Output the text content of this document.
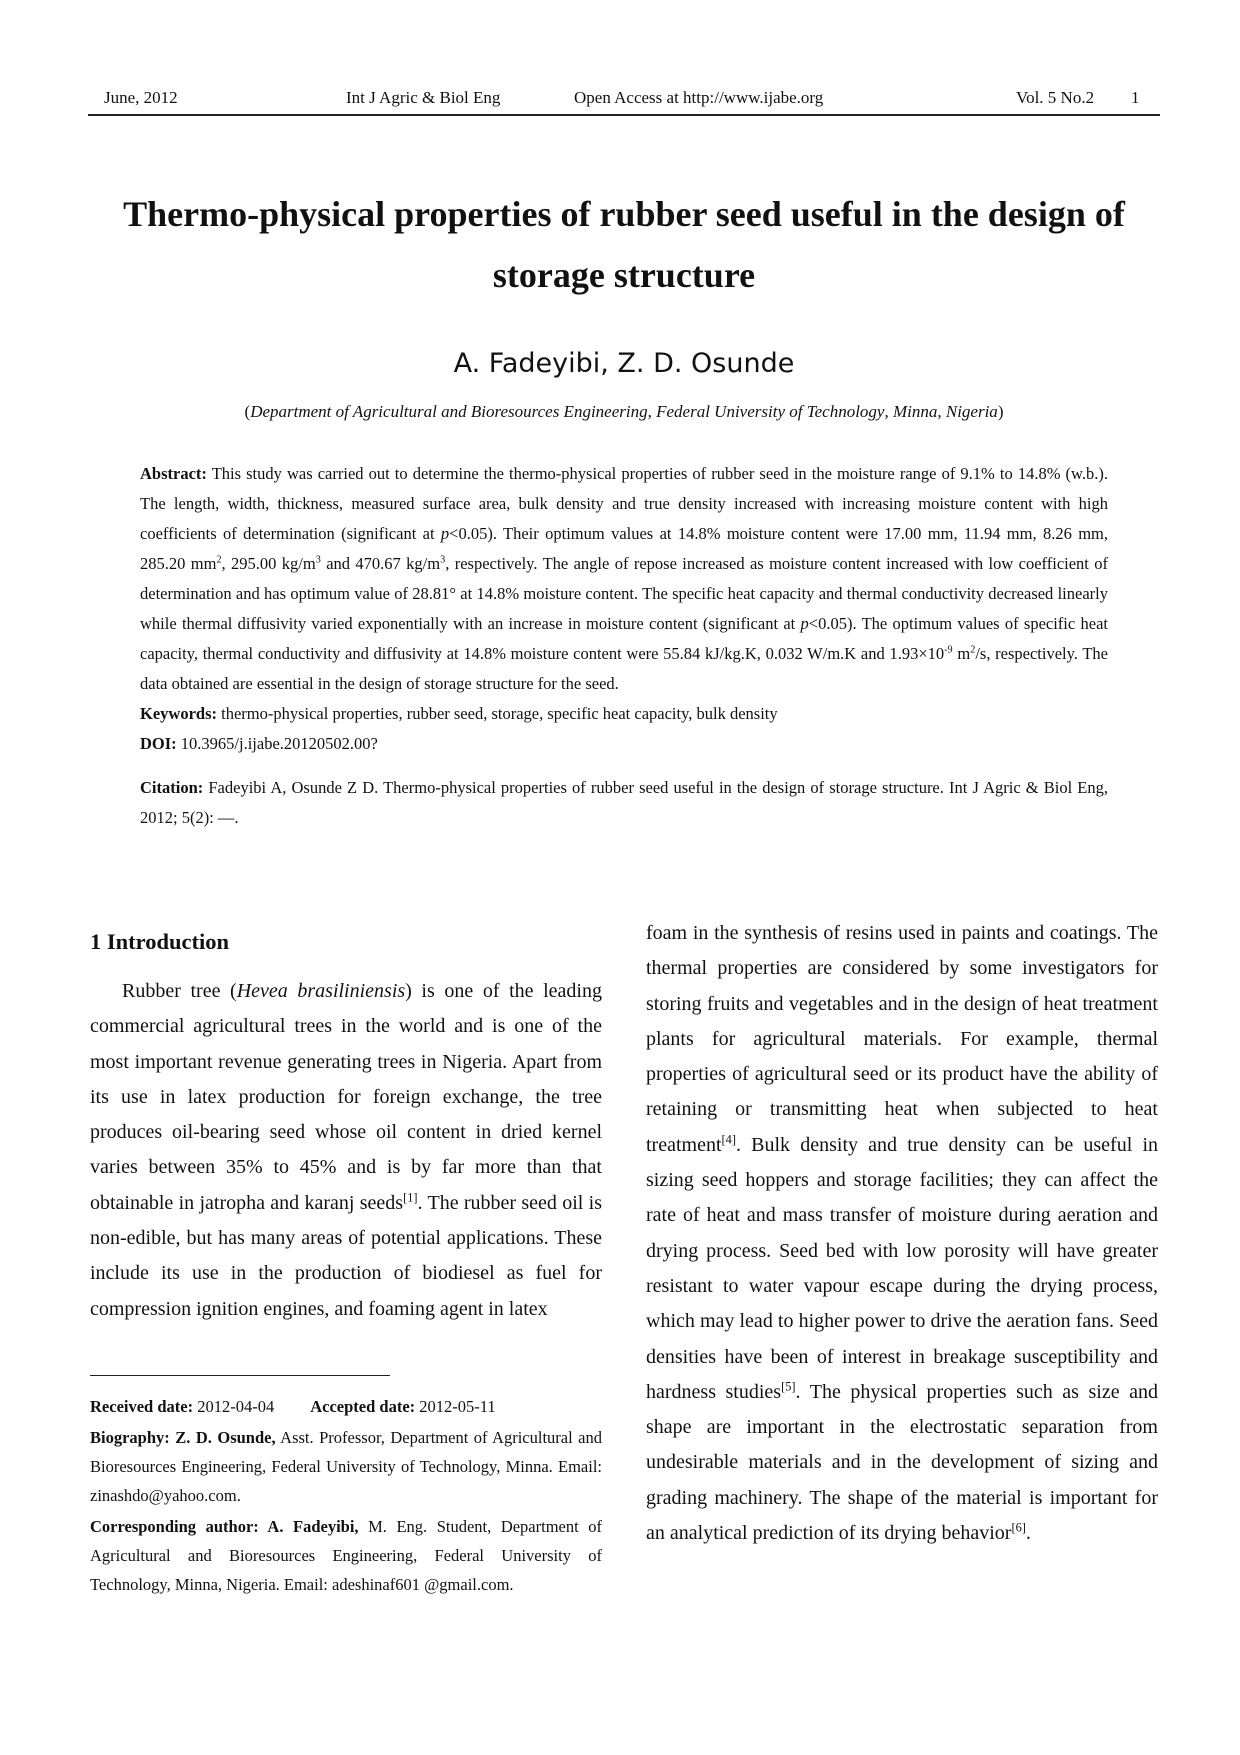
June, 2012	Int J Agric & Biol Eng	Open Access at http://www.ijabe.org	Vol. 5 No.2 1
Thermo-physical properties of rubber seed useful in the design of
storage structure

A. Fadeyibi, Z. D. Osunde

(Department of Agricultural and Bioresources Engineering, Federal University of Technology, Minna, Nigeria)

Abstract: This study was carried out to determine the thermo-physical properties of rubber seed in the moisture range of 9.1% to 14.8% (w.b.). The length, width, thickness, measured surface area, bulk density and true density increased with increasing moisture content with high coefficients of determination (significant at p<0.05). Their optimum values at 14.8% moisture content were 17.00 mm, 11.94 mm, 8.26 mm, 285.20 $mm^2$, 295.00 $kg/m^3$ and 470.67 $kg/m^3$, respectively. The angle of repose increased as moisture content increased with low coefficient of determination and has optimum value of 28.81° at 14.8% moisture content. The specific heat capacity and thermal conductivity decreased linearly while thermal diffusivity varied exponentially with an increase in moisture content (significant at p<0.05). The optimum values of specific heat capacity, thermal conductivity and diffusivity at 14.8% moisture content were 55.84 kJ/kg.K, 0.032 W/m.K and $1.93\times 10^{-9}$ $m^2/s$, respectively. The data obtained are essential in the design of storage structure for the seed.

Keywords: thermo-physical properties, rubber seed, storage, specific heat capacity, bulk density

DOI: 10.3965/j.ijabe.20120502.00?

Citation: Fadeyibi A, Osunde Z D. Thermo-physical properties of rubber seed useful in the design of storage structure. Int J Agric & Biol Eng, 2012; 5(2): —.

1 Introduction

Rubber tree (Hevea brasiliniensis) is one of the leading commercial agricultural trees in the world and is one of the most important revenue generating trees in Nigeria. Apart from its use in latex production for foreign exchange, the tree produces oil-bearing seed whose oil content in dried kernel varies between 35% to 45% and is by far more than that obtainable in jatropha and karanj seeds[1]. The rubber seed oil is non-edible, but has many areas of potential applications. These include its use in the production of biodiesel as fuel for compression ignition engines, and foaming agent in latex

foam in the synthesis of resins used in paints and coatings. The thermal properties are considered by some investigators for storing fruits and vegetables and in the design of heat treatment plants for agricultural materials. For example, thermal properties of agricultural seed or its product have the ability of retaining or transmitting heat when subjected to heat treatment[4]. Bulk density and true density can be useful in sizing seed hoppers and storage facilities; they can affect the rate of heat and mass transfer of moisture during aeration and drying process. Seed bed with low porosity will have greater resistant to water vapour escape during the drying process, which may lead to higher power to drive the aeration fans. Seed densities have been of interest in breakage susceptibility and hardness studies[5]. The physical properties such as size and shape are important in the electrostatic separation from undesirable materials and in the development of sizing and grading machinery. The shape of the material is important for an analytical prediction of its drying behavior[6].

Received date: 2012-04-04 Accepted date: 2012-05-11

Biography: Z. D. Osunde, Asst. Professor, Department of Agricultural and Bioresources Engineering, Federal University of Technology, Minna. Email: zinashdo@yahoo.com.

Corresponding author: A. Fadeyibi, M. Eng. Student, Department of Agricultural and Bioresources Engineering, Federal University of Technology, Minna, Nigeria. Email: adeshinaf601 @gmail.com.
